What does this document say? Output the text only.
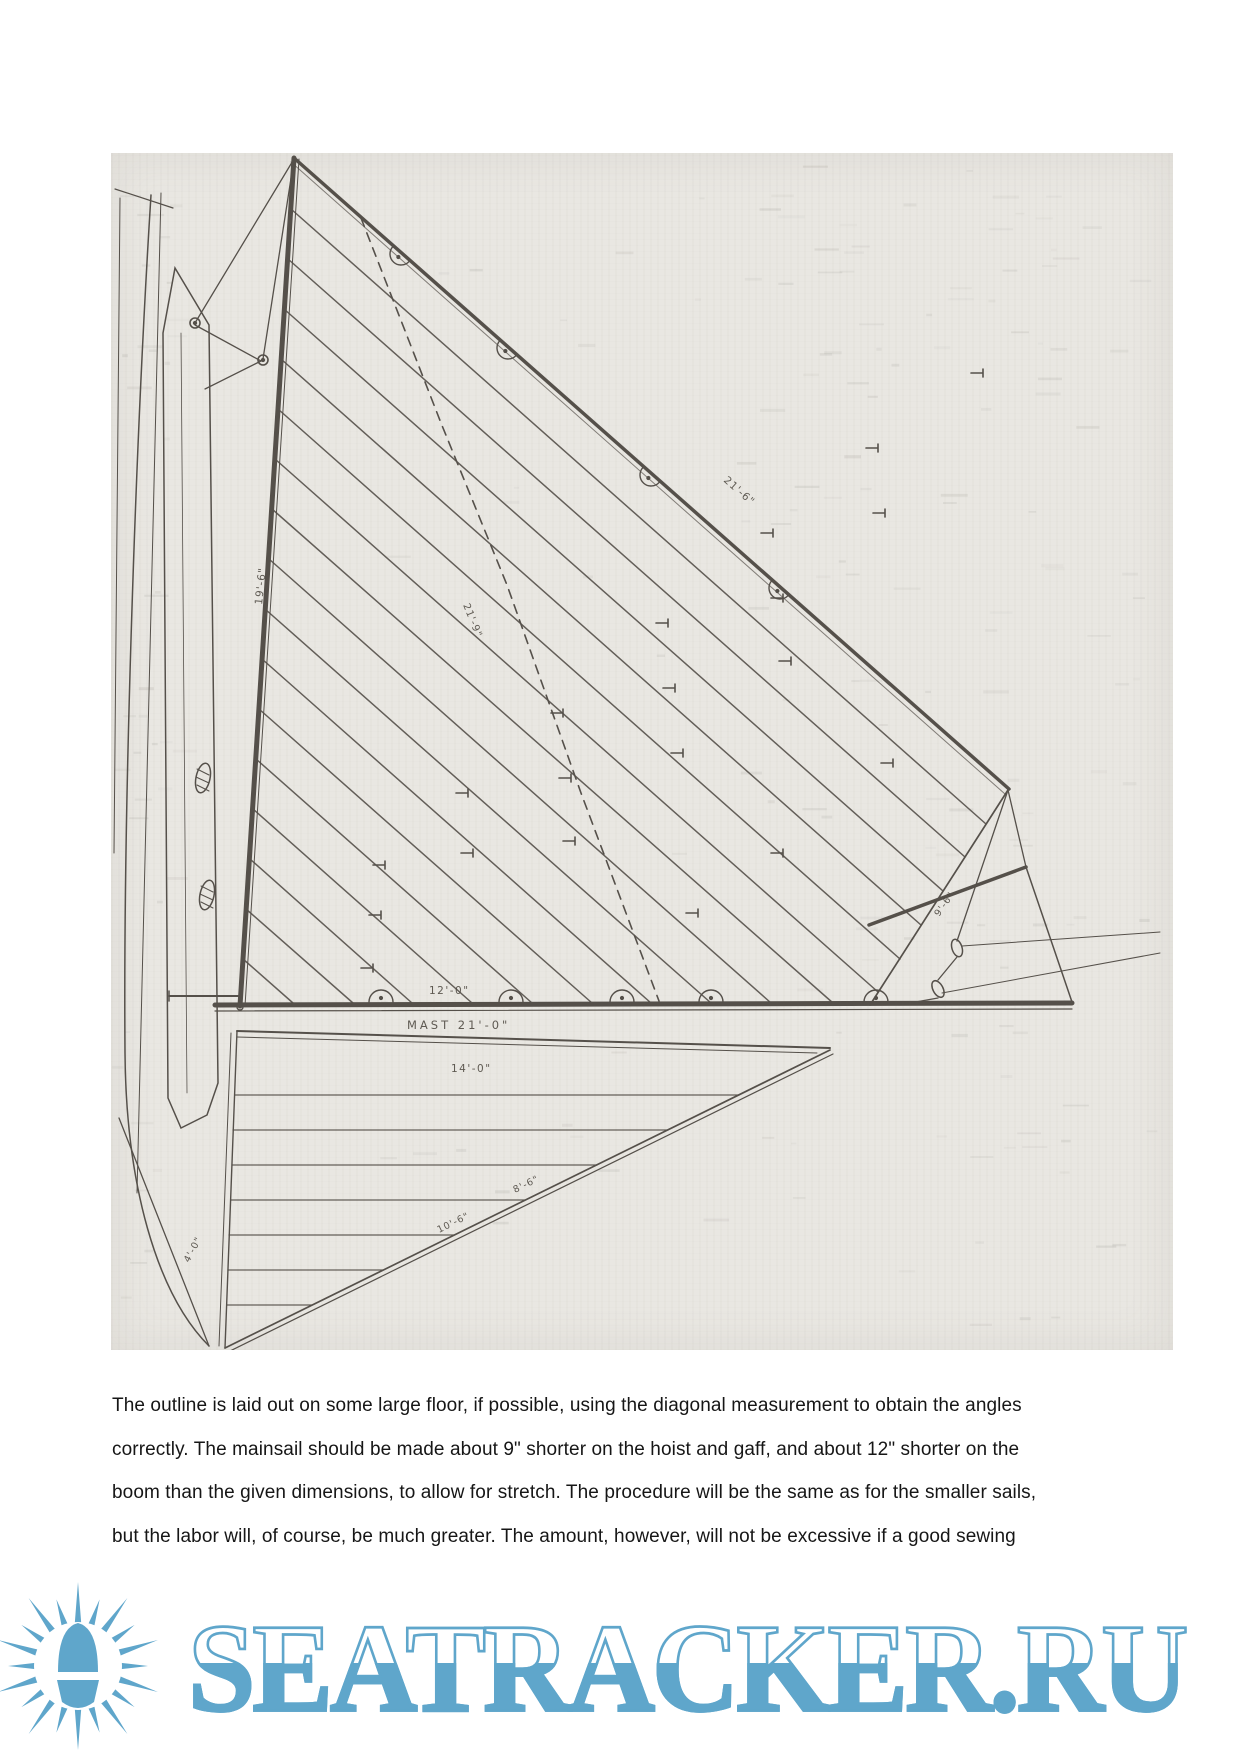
21'-6"
19'-6"
21'-9"
12'-0"
MAST 21'-0"
14'-0"
8'-6"
10'-6"
4'-0"
9'-6"
The outline is laid out on some large floor, if possible, using the diagonal measurement to obtain the angles
correctly. The mainsail should be made about 9" shorter on the hoist and gaff, and about 12" shorter on the
boom than the given dimensions, to allow for stretch. The procedure will be the same as for the smaller sails,
but the labor will, of course, be much greater. The amount, however, will not be excessive if a good sewing
SEATRACKER.RU
